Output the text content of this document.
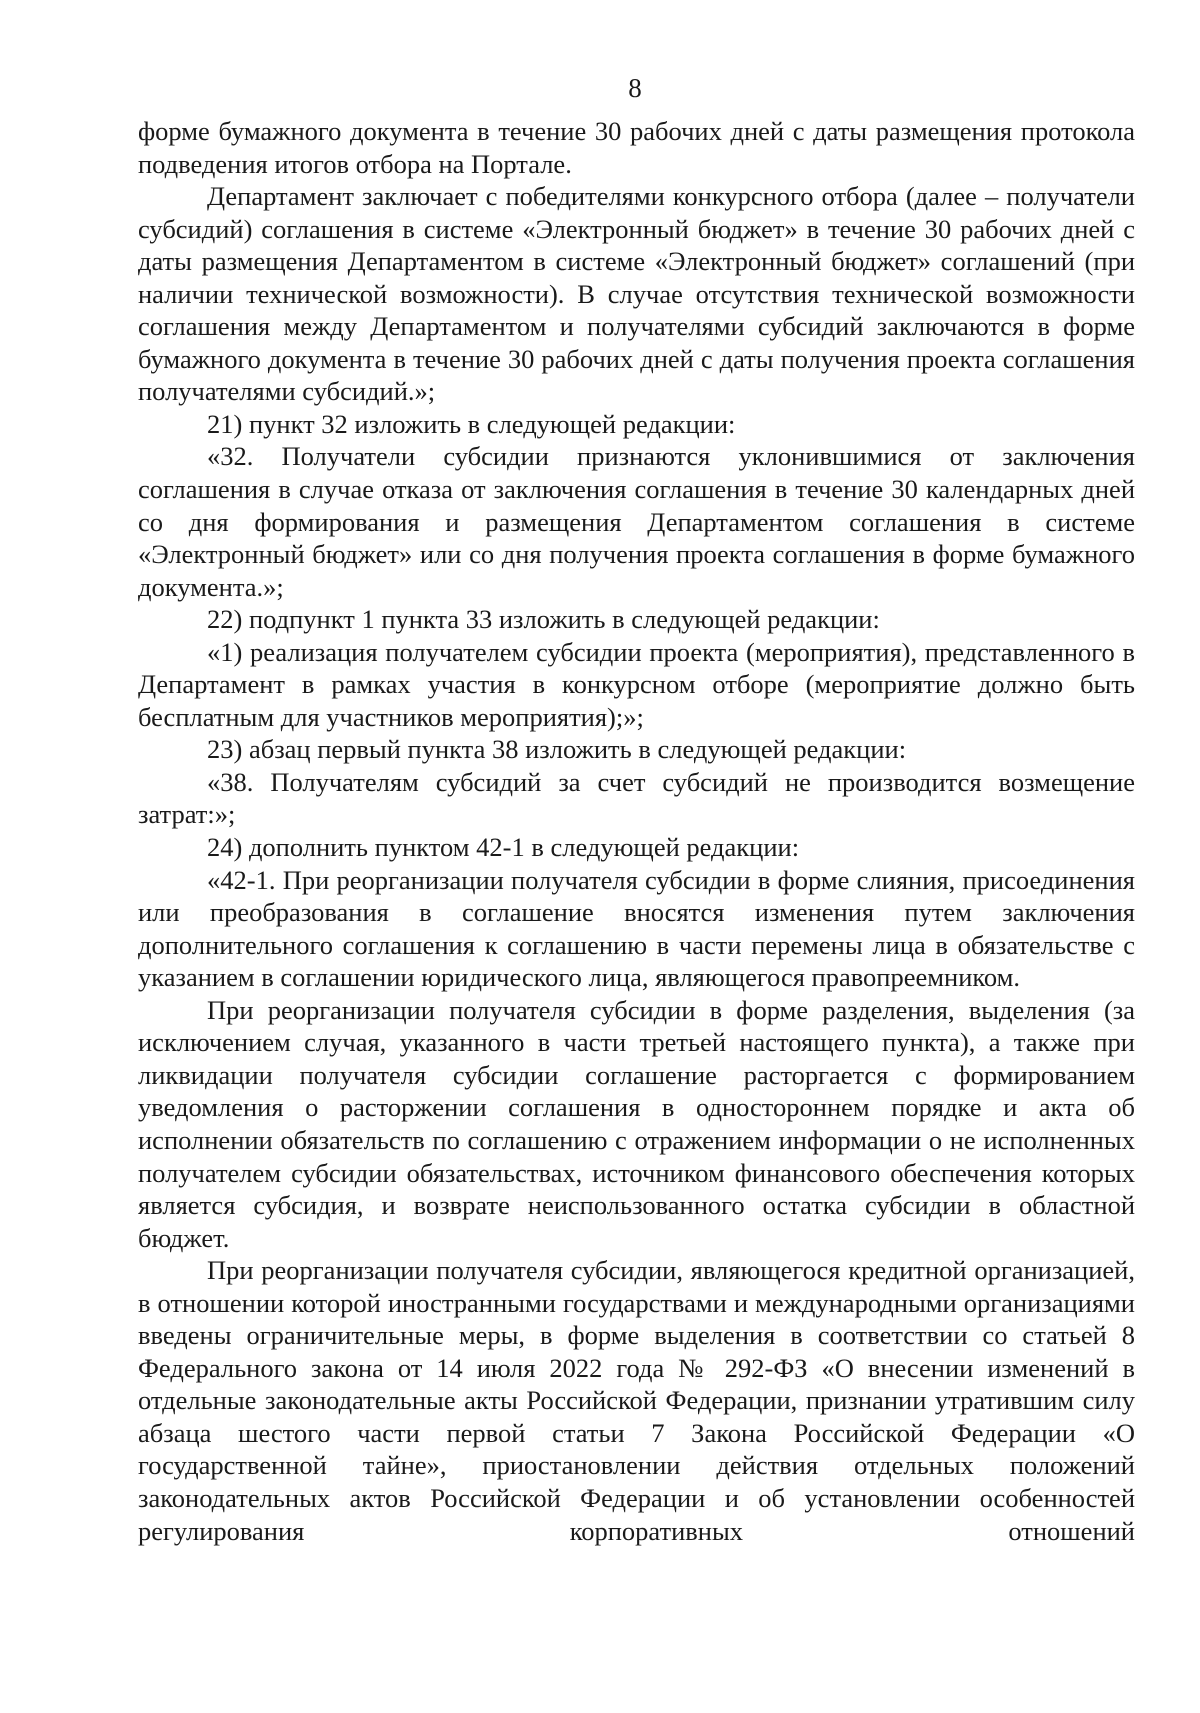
8

форме бумажного документа в течение 30 рабочих дней с даты размещения протокола подведения итогов отбора на Портале.

Департамент заключает с победителями конкурсного отбора (далее – получатели субсидий) соглашения в системе «Электронный бюджет» в течение 30 рабочих дней с даты размещения Департаментом в системе «Электронный бюджет» соглашений (при наличии технической возможности). В случае отсутствия технической возможности соглашения между Департаментом и получателями субсидий заключаются в форме бумажного документа в течение 30 рабочих дней с даты получения проекта соглашения получателями субсидий.»;

21) пункт 32 изложить в следующей редакции:

«32. Получатели субсидии признаются уклонившимися от заключения соглашения в случае отказа от заключения соглашения в течение 30 календарных дней со дня формирования и размещения Департаментом соглашения в системе «Электронный бюджет» или со дня получения проекта соглашения в форме бумажного документа.»;

22) подпункт 1 пункта 33 изложить в следующей редакции:

«1) реализация получателем субсидии проекта (мероприятия), представленного в Департамент в рамках участия в конкурсном отборе (мероприятие должно быть бесплатным для участников мероприятия);»;

23) абзац первый пункта 38 изложить в следующей редакции:

«38. Получателям субсидий за счет субсидий не производится возмещение затрат:»;

24) дополнить пунктом 42-1 в следующей редакции:

«42-1. При реорганизации получателя субсидии в форме слияния, присоединения или преобразования в соглашение вносятся изменения путем заключения дополнительного соглашения к соглашению в части перемены лица в обязательстве с указанием в соглашении юридического лица, являющегося правопреемником.

При реорганизации получателя субсидии в форме разделения, выделения (за исключением случая, указанного в части третьей настоящего пункта), а также при ликвидации получателя субсидии соглашение расторгается с формированием уведомления о расторжении соглашения в одностороннем порядке и акта об исполнении обязательств по соглашению с отражением информации о не исполненных получателем субсидии обязательствах, источником финансового обеспечения которых является субсидия, и возврате неиспользованного остатка субсидии в областной бюджет.

При реорганизации получателя субсидии, являющегося кредитной организацией, в отношении которой иностранными государствами и международными организациями введены ограничительные меры, в форме выделения в соответствии со статьей 8 Федерального закона от 14 июля 2022 года № 292-ФЗ «О внесении изменений в отдельные законодательные акты Российской Федерации, признании утратившим силу абзаца шестого части первой статьи 7 Закона Российской Федерации «О государственной тайне», приостановлении действия отдельных положений законодательных актов Российской Федерации и об установлении особенностей регулирования корпоративных отношений
